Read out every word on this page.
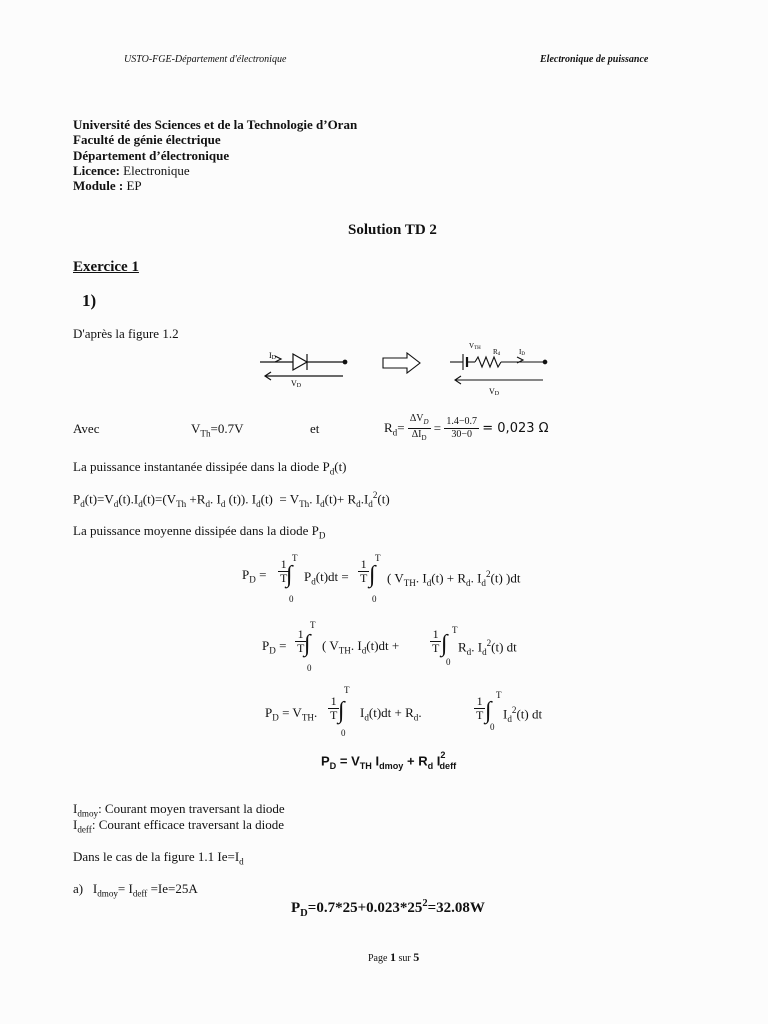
USTO-FGE-Département d'électronique	Electronique de puissance
Université des Sciences et de la Technologie d’Oran
Faculté de génie électrique
Département d’électronique
Licence: Electronique
Module : EP
Solution TD 2
Exercice 1
1)
D'après la figure 1.2
ID
VD
VTH Rd	ID
VD
Avec	$V_{Th}=0.7V$	et	$R_d= \frac{\Delta V_D}{\Delta I_D} = \frac{1.4-0.7}{30-0} = 0,023$ Ω
La puissance instantanée dissipée dans la diode $P_d(t)$
$P_d(t)=V_d(t).I_d(t)=(V_{Th} +R_d$. $I_d$ (t)). $I_d(t) = V_{Th}$. $I_d(t)+ R_d.I_d^2(t)$
La puissance moyenne dissipée dans la diode $P_D$
$P_D = \frac{1}{T}$ T
∫
0
$P_d(t)dt = \frac{1}{T}$ T
∫
0
( $V_{TH}$. $I_d(t) + R_d$. $I_d^2(t)$ )dt
$P_D = \frac{1}{T}$
T
∫
0
( $V_{TH}$. $I_d(t)dt$ +	$\frac{1}{T}$ T
∫
0
$R_d$. $I_d^2(t)$ dt
$P_D = V_{TH}$. $\frac{1}{T}$
T
∫
0
$I_d(t)dt + R_d$.	$\frac{1}{T}$ T
∫
0
$I_d^2(t)$ dt
$P_D = V_{TH}$ $I_{dmoy} + R_d$ $I^2_{deff}$
$I_{dmoy}$: Courant moyen traversant la diode
$I_{deff}$: Courant efficace traversant la diode
Dans le cas de la figure 1.1 $Ie=I_d$
a) $I_{dmoy}= I_{deff} =Ie=25A$
$P_D=0.7*25+0.023*25^2=32.08W$
Page 1 sur 5
